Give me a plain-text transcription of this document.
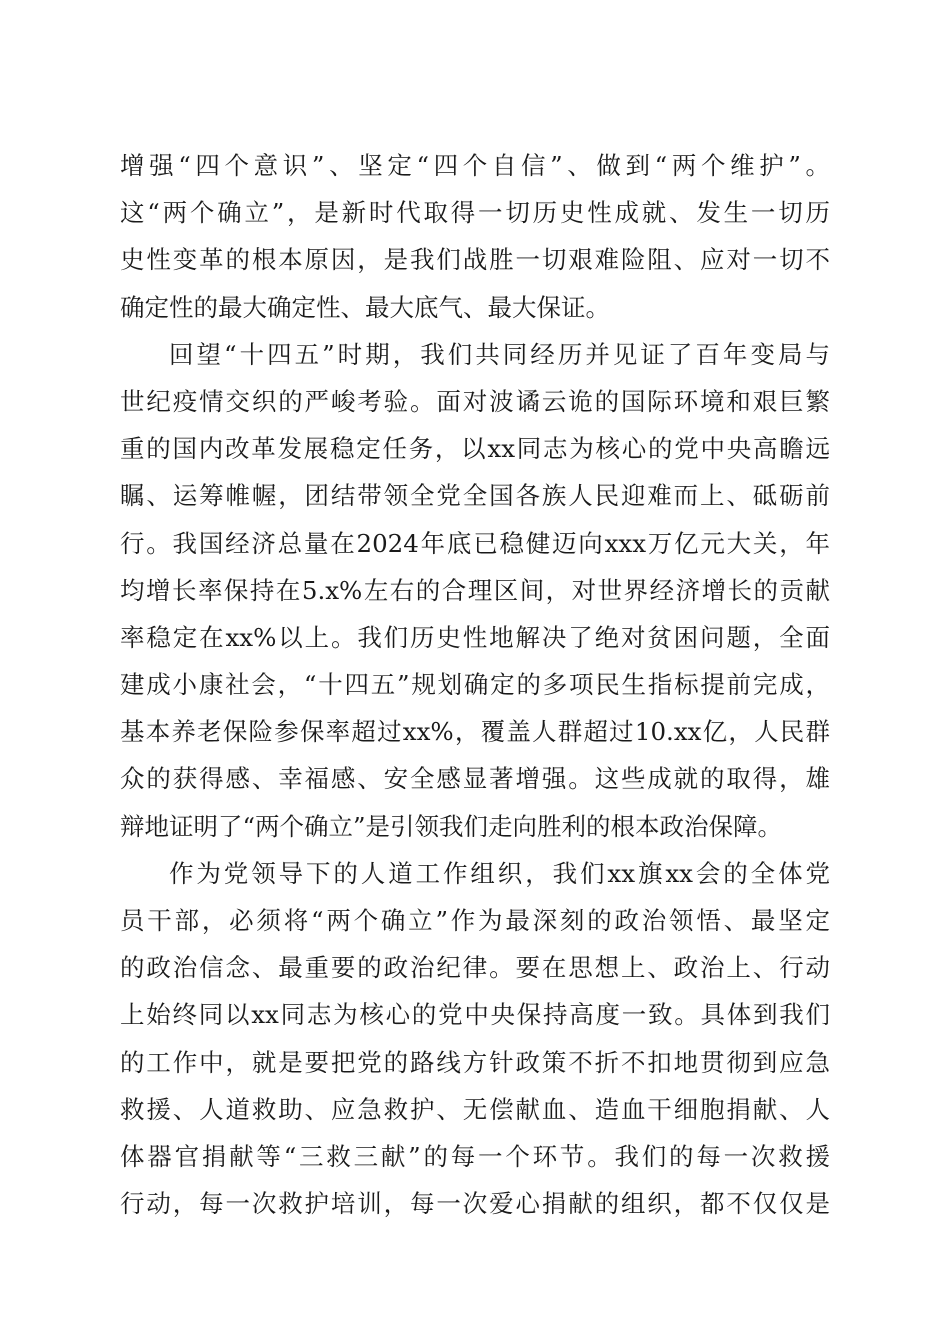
增强“四个意识”、坚定“四个自信”、做到“两个维护”。
这“两个确立”，是新时代取得一切历史性成就、发生一切历
史性变革的根本原因，是我们战胜一切艰难险阻、应对一切不
确定性的最大确定性、最大底气、最大保证。
回望“十四五”时期，我们共同经历并见证了百年变局与
世纪疫情交织的严峻考验。面对波谲云诡的国际环境和艰巨繁
重的国内改革发展稳定任务，以xx同志为核心的党中央高瞻远
瞩、运筹帷幄，团结带领全党全国各族人民迎难而上、砥砺前
行。我国经济总量在2024年底已稳健迈向xxx万亿元大关，年
均增长率保持在5.x%左右的合理区间，对世界经济增长的贡献
率稳定在xx%以上。我们历史性地解决了绝对贫困问题，全面
建成小康社会，“十四五”规划确定的多项民生指标提前完成，
基本养老保险参保率超过xx%，覆盖人群超过10.xx亿，人民群
众的获得感、幸福感、安全感显著增强。这些成就的取得，雄
辩地证明了“两个确立”是引领我们走向胜利的根本政治保障。
作为党领导下的人道工作组织，我们xx旗xx会的全体党
员干部，必须将“两个确立”作为最深刻的政治领悟、最坚定
的政治信念、最重要的政治纪律。要在思想上、政治上、行动
上始终同以xx同志为核心的党中央保持高度一致。具体到我们
的工作中，就是要把党的路线方针政策不折不扣地贯彻到应急
救援、人道救助、应急救护、无偿献血、造血干细胞捐献、人
体器官捐献等“三救三献”的每一个环节。我们的每一次救援
行动，每一次救护培训，每一次爱心捐献的组织，都不仅仅是
